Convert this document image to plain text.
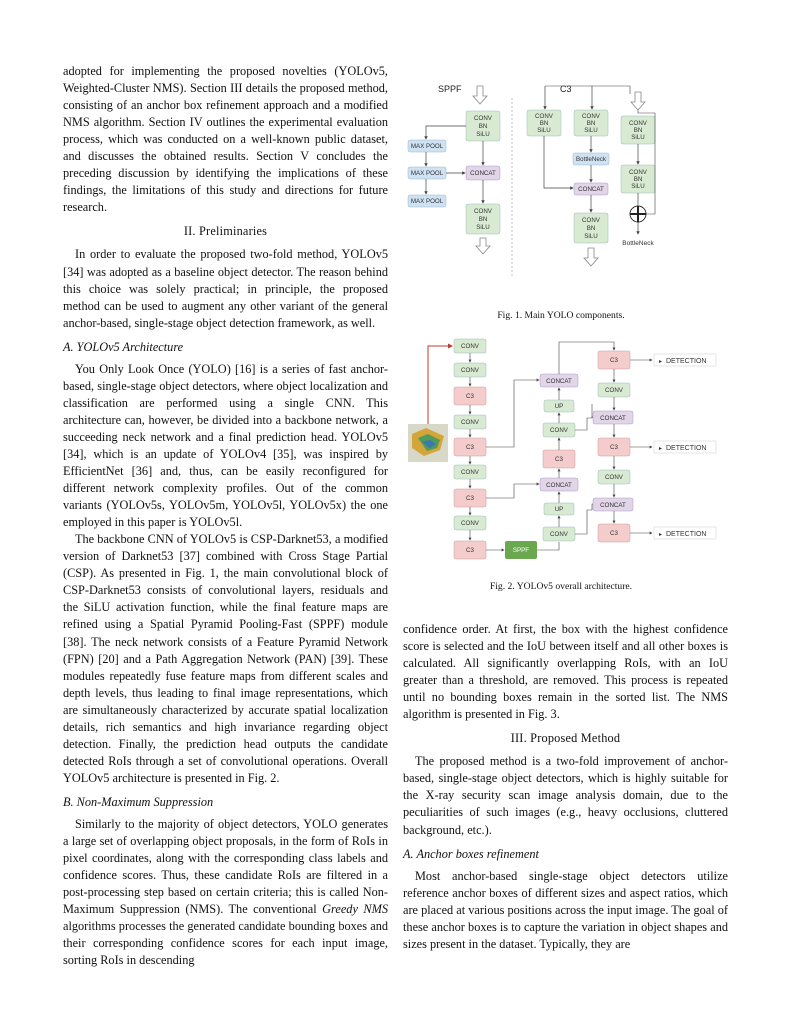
adopted for implementing the proposed novelties (YOLOv5, Weighted-Cluster NMS). Section III details the proposed method, consisting of an anchor box refinement approach and a modified NMS algorithm. Section IV outlines the experimental evaluation process, which was conducted on a well-known public dataset, and discusses the obtained results. Section V concludes the preceding discussion by identifying the implications of these findings, the limitations of this study and directions for future research.

II. Preliminaries

In order to evaluate the proposed two-fold method, YOLOv5 [34] was adopted as a baseline object detector. The reason behind this choice was solely practical; in principle, the proposed method can be used to augment any other variant of the general anchor-based, single-stage object detection framework, as well.

A. YOLOv5 Architecture

You Only Look Once (YOLO) [16] is a series of fast anchor-based, single-stage object detectors, where object localization and classification are performed using a single CNN. This architecture can, however, be divided into a backbone network, a succeeding neck network and a final prediction head. YOLOv5 [34], which is an update of YOLOv4 [35], was inspired by EfficientNet [36] and, thus, can be easily reconfigured for different network complexity profiles. Out of the common variants (YOLOv5s, YOLOv5m, YOLOv5l, YOLOv5x) the one employed in this paper is YOLOv5l.

The backbone CNN of YOLOv5 is CSP-Darknet53, a modified version of Darknet53 [37] combined with Cross Stage Partial (CSP). As presented in Fig. 1, the main convolutional block of CSP-Darknet53 consists of convolutional layers, residuals and the SiLU activation function, while the final feature maps are refined using a Spatial Pyramid Pooling-Fast (SPPF) module [38]. The neck network consists of a Feature Pyramid Network (FPN) [20] and a Path Aggregation Network (PAN) [39]. These modules repeatedly fuse feature maps from different scales and depth levels, thus leading to final image representations, which are simultaneously characterized by accurate spatial localization details, rich semantics and high invariance regarding object detection. Finally, the prediction head outputs the candidate detected RoIs through a set of convolutional operations. Overall YOLOv5 architecture is presented in Fig. 2.

B. Non-Maximum Suppression

Similarly to the majority of object detectors, YOLO generates a large set of overlapping object proposals, in the form of RoIs in pixel coordinates, along with the corresponding class labels and confidence scores. Thus, these candidate RoIs are filtered in a post-processing step based on certain criteria; this is called Non-Maximum Suppression (NMS). The conventional Greedy NMS algorithms processes the generated candidate bounding boxes and their corresponding confidence scores for each input image, sorting RoIs in descending

SPPF	C3
CONV
BN
SiLU
MAX POOL
MAX POOL
MAX POOL
CONCAT
CONV
BN
SiLU
CONV
BN
SiLU
CONV
BN
SiLU
BottleNeck
CONCAT
CONV
BN
SiLU
CONV
BN
SiLU
CONV
BN
SiLU
BottleNeck
Fig. 1. Main YOLO components.
CONV
CONV
C3
CONV
C3
CONV
C3
CONV
C3	SPPF
CONCAT
UP
CONV
C3
CONCAT
UP
CONV
C3
CONV
CONCAT
C3
CONV
CONCAT
C3
▸ DETECTION
▸ DETECTION
▸ DETECTION
Fig. 2. YOLOv5 overall architecture.

confidence order. At first, the box with the highest confidence score is selected and the IoU between itself and all other boxes is calculated. All significantly overlapping RoIs, with an IoU greater than a threshold, are removed. This process is repeated until no bounding boxes remain in the sorted list. The NMS algorithm is presented in Fig. 3.

III. Proposed Method

The proposed method is a two-fold improvement of anchor-based, single-stage object detectors, which is highly suitable for the X-ray security scan image analysis domain, due to the peculiarities of such images (e.g., heavy occlusions, cluttered background, etc.).

A. Anchor boxes refinement

Most anchor-based single-stage object detectors utilize reference anchor boxes of different sizes and aspect ratios, which are placed at various positions across the input image. The goal of these anchor boxes is to capture the variation in object shapes and sizes present in the dataset. Typically, they are
